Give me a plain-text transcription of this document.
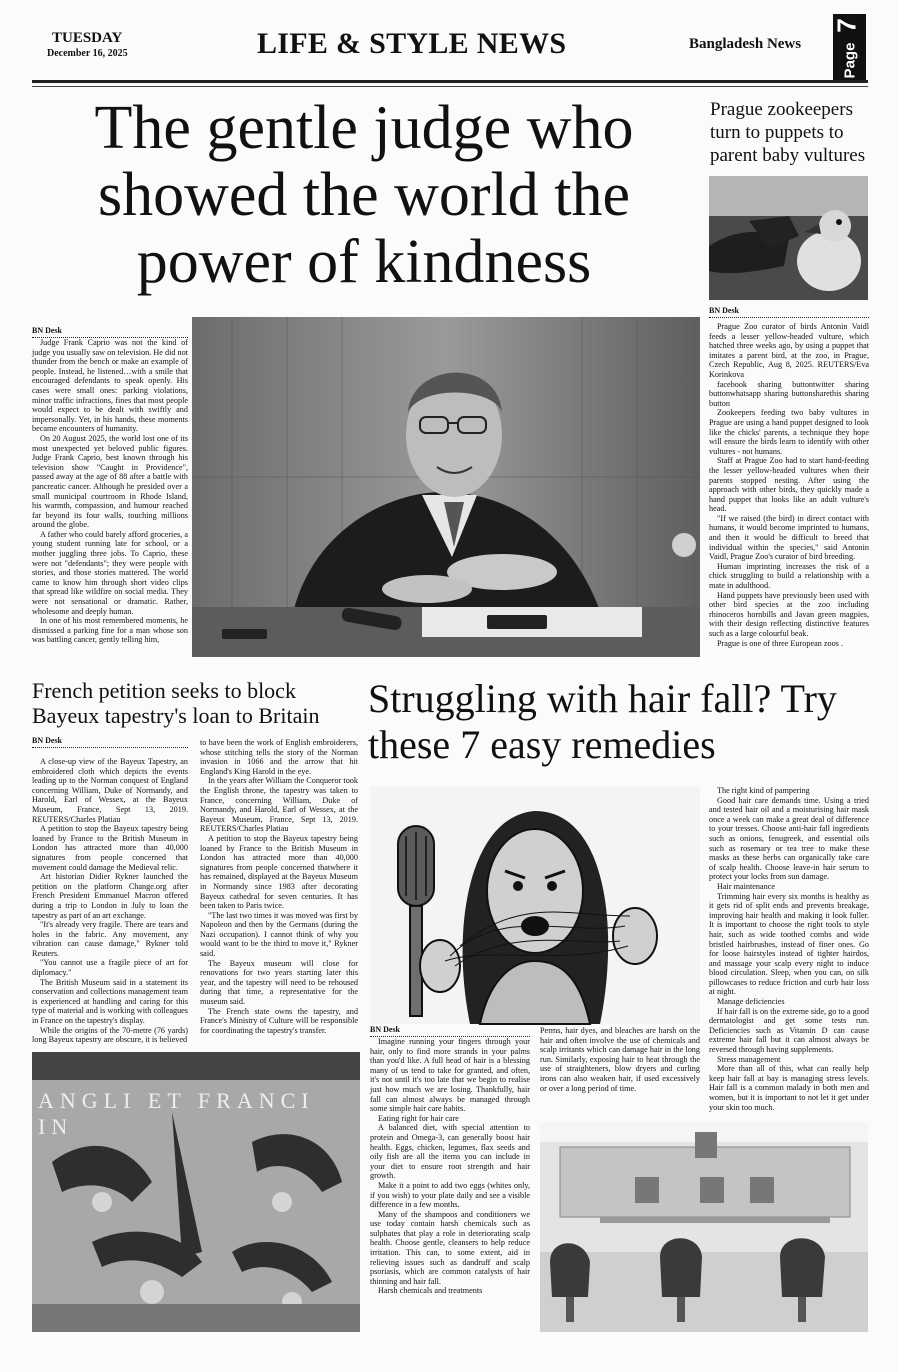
TUESDAY
December 16, 2025	LIFE & STYLE NEWS	Bangladesh News	Page
7
The gentle judge who showed the world the power of kindness
BN Desk

Judge Frank Caprio was not the kind of judge you usually saw on television. He did not thunder from the bench or make an example of people. Instead, he listened…with a smile that encouraged defendants to speak openly. His cases were small ones: parking violations, minor traffic infractions, fines that most people would expect to be dealt with swiftly and impersonally. Yet, in his hands, these moments became encounters of humanity.

On 20 August 2025, the world lost one of its most unexpected yet beloved public figures. Judge Frank Caprio, best known through his television show "Caught in Providence", passed away at the age of 88 after a battle with pancreatic cancer. Although he presided over a small municipal courtroom in Rhode Island, his warmth, compassion, and humour reached far beyond its four walls, touching millions around the globe.

A father who could barely afford groceries, a young student running late for school, or a mother juggling three jobs. To Caprio, these were not "defendants"; they were people with stories, and those stories mattered. The world came to know him through short video clips that spread like wildfire on social media. They were not sensational or dramatic. Rather, wholesome and deeply human.

In one of his most remembered moments, he dismissed a parking fine for a man whose son was battling cancer, gently telling him,

Prague zookeepers turn to puppets to parent baby vultures
BN Desk

Prague Zoo curator of birds Antonin Vaidl feeds a lesser yellow-headed vulture, which hatched three weeks ago, by using a puppet that imitates a parent bird, at the zoo, in Prague, Czech Republic, Aug 8, 2025. REUTERS/Eva Korinkova

facebook sharing buttontwitter sharing buttonwhatsapp sharing buttonsharethis sharing button

Zookeepers feeding two baby vultures in Prague are using a hand puppet designed to look like the chicks' parents, a technique they hope will ensure the birds learn to identify with other vultures - not humans.

Staff at Prague Zoo had to start hand-feeding the lesser yellow-headed vultures when their parents stopped nesting. After using the approach with other birds, they quickly made a hand puppet that looks like an adult vulture's head.

"If we raised (the bird) in direct contact with humans, it would become imprinted to humans, and then it would be difficult to breed that individual within the species," said Antonin Vaidl, Prague Zoo's curator of bird breeding.

Human imprinting increases the risk of a chick struggling to build a relationship with a mate in adulthood.

Hand puppets have previously been used with other bird species at the zoo including rhinoceros hornbills and Javan green magpies, with their design reflecting distinctive features such as a large colourful beak.

Prague is one of three European zoos .

French petition seeks to block Bayeux tapestry's loan to Britain
BN Desk

A close-up view of the Bayeux Tapestry, an embroidered cloth which depicts the events leading up to the Norman conquest of England concerning William, Duke of Normandy, and Harold, Earl of Wessex, at the Bayeux Museum, France, Sept 13, 2019. REUTERS/Charles Platiau

A petition to stop the Bayeux tapestry being loaned by France to the British Museum in London has attracted more than 40,000 signatures from people concerned that movement could damage the Medieval relic.

Art historian Didier Rykner launched the petition on the platform Change.org after French President Emmanuel Macron offered during a trip to London in July to loan the tapestry as part of an art exchange.

"It's already very fragile. There are tears and holes in the fabric. Any movement, any vibration can cause damage," Rykner told Reuters.

"You cannot use a fragile piece of art for diplomacy."

The British Museum said in a statement its conservation and collections management team is experienced at handling and caring for this type of material and is working with colleagues in France on the tapestry's display.

While the origins of the 70-metre (76 yards) long Bayeux tapestry are obscure, it is believed

to have been the work of English embroiderers, whose stitching tells the story of the Norman invasion in 1066 and the arrow that hit England's King Harold in the eye.

In the years after William the Conqueror took the English throne, the tapestry was taken to France, concerning William, Duke of Normandy, and Harold, Earl of Wessex, at the Bayeux Museum, France, Sept 13, 2019. REUTERS/Charles Platiau

A petition to stop the Bayeux tapestry being loaned by France to the British Museum in London has attracted more than 40,000 signatures from people concerned thatwhere it has remained, displayed at the Bayeux Museum in Normandy since 1983 after decorating Bayeux cathedral for seven centuries. It has been taken to Paris twice.

"The last two times it was moved was first by Napoleon and then by the Germans (during the Nazi occupation). I cannot think of why you would want to be the third to move it," Rykner said.

The Bayeux museum will close for renovations for two years starting later this year, and the tapestry will need to be rehoused during that time, a representative for the museum said.

The French state owns the tapestry, and France's Ministry of Culture will be responsible for coordinating the tapestry's transfer.

ANGLI ET FRANCI IN
Struggling with hair fall? Try these 7 easy remedies
BN Desk

Imagine running your fingers through your hair, only to find more strands in your palms than you'd like. A full head of hair is a blessing many of us tend to take for granted, and often, it's not until it's too late that we begin to realise just how much we are losing. Thankfully, hair fall can almost always be managed through some simple hair care habits.

Eating right for hair care

A balanced diet, with special attention to protein and Omega-3, can generally boost hair health. Eggs, chicken, legumes, flax seeds and oily fish are all the items you can include in your diet to ensure root strength and hair growth.

Make it a point to add two eggs (whites only, if you wish) to your plate daily and see a visible difference in a few months.

Many of the shampoos and conditioners we use today contain harsh chemicals such as sulphates that play a role in deteriorating scalp health. Choose gentle, cleansers to help reduce irritation. This can, to some extent, aid in relieving issues such as dandruff and scalp psoriasis, which are common catalysts of hair thinning and hair fall.

Harsh chemicals and treatments

Perms, hair dyes, and bleaches are harsh on the hair and often involve the use of chemicals and scalp irritants which can damage hair in the long run. Similarly, exposing hair to heat through the use of straighteners, blow dryers and curling irons can also weaken hair, if used excessively or over a long period of time.

The right kind of pampering

Good hair care demands time. Using a tried and tested hair oil and a moisturising hair mask once a week can make a great deal of difference to your tresses. Choose anti-hair fall ingredients such as onions, fenugreek, and essential oils such as rosemary or tea tree to make these masks as these herbs can organically take care of scalp health. Choose leave-in hair serum to protect your locks from sun damage.

Hair maintenance

Trimming hair every six months is healthy as it gets rid of split ends and prevents breakage, improving hair health and making it look fuller. It is important to choose the right tools to style hair, such as wide toothed combs and wide bristled hairbrushes, instead of finer ones. Go for loose hairstyles instead of tighter hairdos, and massage your scalp every night to induce blood circulation. Sleep, when you can, on silk pillowcases to reduce friction and curb hair loss at night.

Manage deficiencies

If hair fall is on the extreme side, go to a good dermatologist and get some tests run. Deficiencies such as Vitamin D can cause extreme hair fall but it can almost always be reversed through having supplements.

Stress management

More than all of this, what can really help keep hair fall at bay is managing stress levels. Hair fall is a common malady in both men and women, but it is important to not let it get under your skin too much.
